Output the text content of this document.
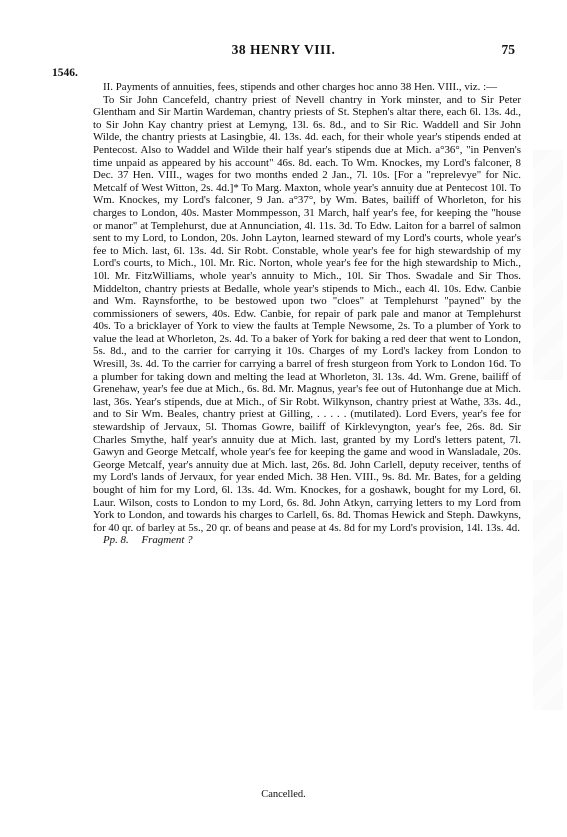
38 HENRY VIII.	75
1546.

II. Payments of annuities, fees, stipends and other charges hoc anno 38 Hen. VIII., viz. :—

To Sir John Cancefeld, chantry priest of Nevell chantry in York minster, and to Sir Peter Glentham and Sir Martin Wardeman, chantry priests of St. Stephen's altar there, each 6l. 13s. 4d., to Sir John Kay chantry priest at Lemyng, 13l. 6s. 8d., and to Sir Ric. Waddell and Sir John Wilde, the chantry priests at Lasingbie, 4l. 13s. 4d. each, for their whole year's stipends ended at Pentecost. Also to Waddel and Wilde their half year's stipends due at Mich. a°36°, "in Penven's time unpaid as appeared by his account" 46s. 8d. each. To Wm. Knockes, my Lord's falconer, 8 Dec. 37 Hen. VIII., wages for two months ended 2 Jan., 7l. 10s. [For a "reprelevye" for Nic. Metcalf of West Witton, 2s. 4d.]* To Marg. Maxton, whole year's annuity due at Pentecost 10l. To Wm. Knockes, my Lord's falconer, 9 Jan. a°37°, by Wm. Bates, bailiff of Whorleton, for his charges to London, 40s. Master Mommpesson, 31 March, half year's fee, for keeping the "house or manor" at Templehurst, due at Annunciation, 4l. 11s. 3d. To Edw. Laiton for a barrel of salmon sent to my Lord, to London, 20s. John Layton, learned steward of my Lord's courts, whole year's fee to Mich. last, 6l. 13s. 4d. Sir Robt. Constable, whole year's fee for high stewardship of my Lord's courts, to Mich., 10l. Mr. Ric. Norton, whole year's fee for the high stewardship to Mich., 10l. Mr. FitzWilliams, whole year's annuity to Mich., 10l. Sir Thos. Swadale and Sir Thos. Middelton, chantry priests at Bedalle, whole year's stipends to Mich., each 4l. 10s. Edw. Canbie and Wm. Raynsforthe, to be bestowed upon two "cloes" at Templehurst "payned" by the commissioners of sewers, 40s. Edw. Canbie, for repair of park pale and manor at Templehurst 40s. To a bricklayer of York to view the faults at Temple Newsome, 2s. To a plumber of York to value the lead at Whorleton, 2s. 4d. To a baker of York for baking a red deer that went to London, 5s. 8d., and to the carrier for carrying it 10s. Charges of my Lord's lackey from London to Wresill, 3s. 4d. To the carrier for carrying a barrel of fresh sturgeon from York to London 16d. To a plumber for taking down and melting the lead at Whorleton, 3l. 13s. 4d. Wm. Grene, bailiff of Grenehaw, year's fee due at Mich., 6s. 8d. Mr. Magnus, year's fee out of Hutonhange due at Mich. last, 36s. Year's stipends, due at Mich., of Sir Robt. Wilkynson, chantry priest at Wathe, 33s. 4d., and to Sir Wm. Beales, chantry priest at Gilling, . . . . . (mutilated). Lord Evers, year's fee for stewardship of Jervaux, 5l. Thomas Gowre, bailiff of Kirklevyngton, year's fee, 26s. 8d. Sir Charles Smythe, half year's annuity due at Mich. last, granted by my Lord's letters patent, 7l. Gawyn and George Metcalf, whole year's fee for keeping the game and wood in Wansladale, 20s. George Metcalf, year's annuity due at Mich. last, 26s. 8d. John Carlell, deputy receiver, tenths of my Lord's lands of Jervaux, for year ended Mich. 38 Hen. VIII., 9s. 8d. Mr. Bates, for a gelding bought of him for my Lord, 6l. 13s. 4d. Wm. Knockes, for a goshawk, bought for my Lord, 6l. Laur. Wilson, costs to London to my Lord, 6s. 8d. John Atkyn, carrying letters to my Lord from York to London, and towards his charges to Carlell, 6s. 8d. Thomas Hewick and Steph. Dawkyns, for 40 qr. of barley at 5s., 20 qr. of beans and pease at 4s. 8d for my Lord's provision, 14l. 13s. 4d.

Pp. 8. Fragment ?

Cancelled.
